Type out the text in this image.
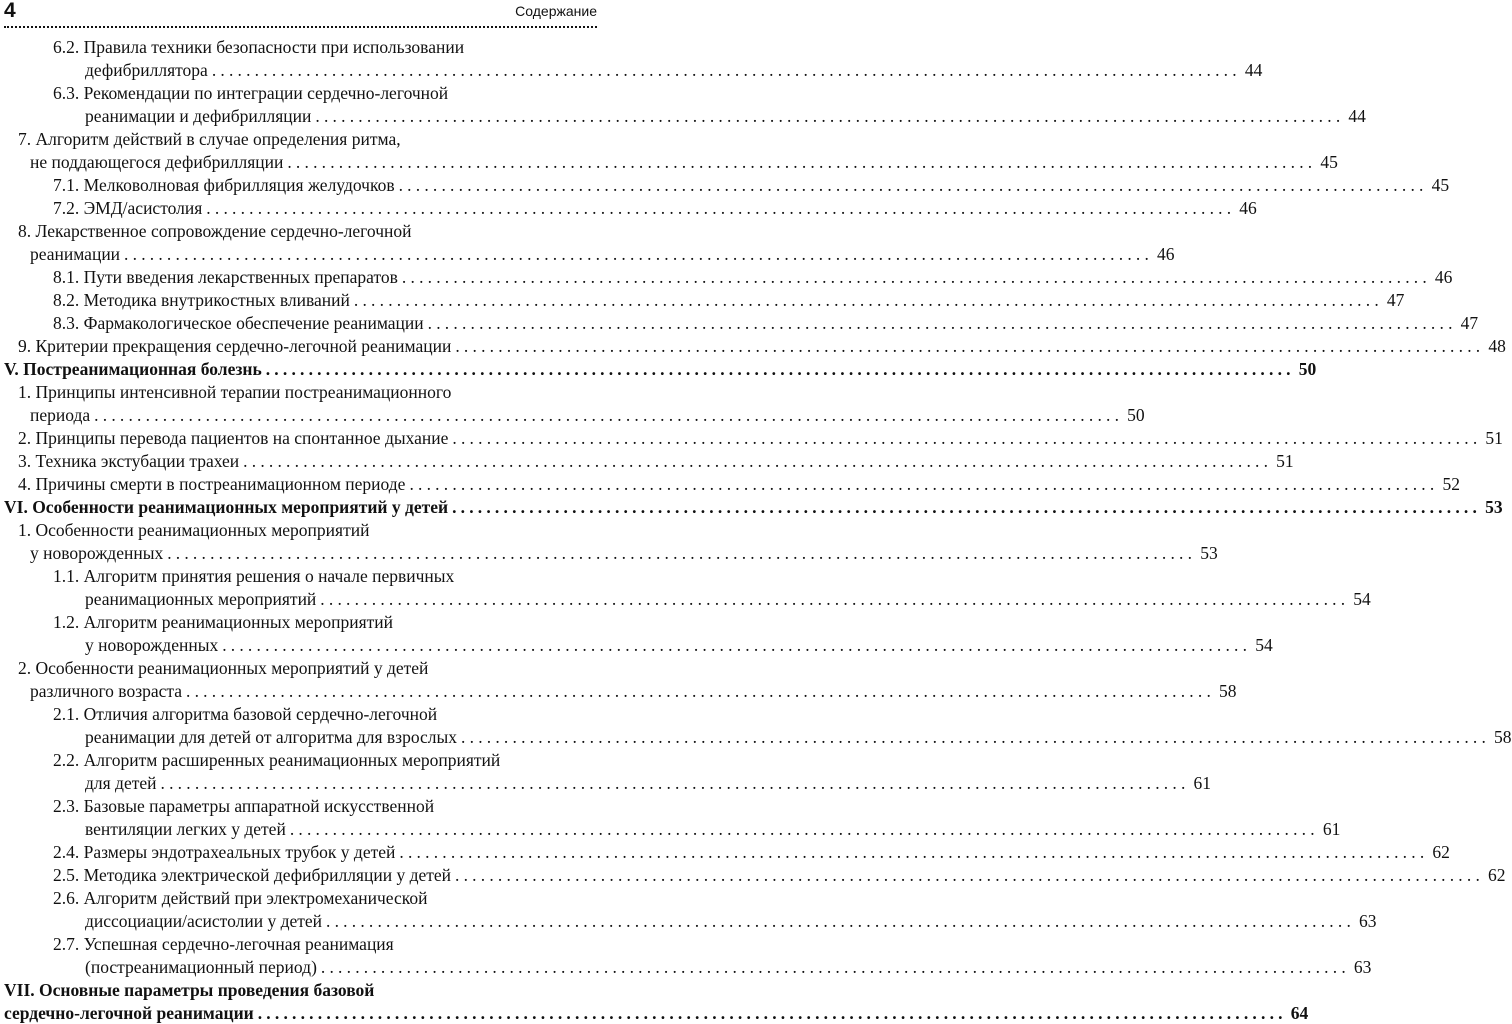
4	Содержание
6.2. Правила техники безопасности при использовании
дефибриллятора ........................................................................................................................ 44
6.3. Рекомендации по интеграции сердечно-легочной
реанимации и дефибрилляции ........................................................................................................................ 44
7. Алгоритм действий в случае определения ритма,
не поддающегося дефибрилляции ........................................................................................................................ 45
7.1. Мелковолновая фибрилляция желудочков ........................................................................................................................ 45
7.2. ЭМД/асистолия ........................................................................................................................ 46
8. Лекарственное сопровождение сердечно-легочной
реанимации ........................................................................................................................ 46
8.1. Пути введения лекарственных препаратов ........................................................................................................................ 46
8.2. Методика внутрикостных вливаний ........................................................................................................................ 47
8.3. Фармакологическое обеспечение реанимации ........................................................................................................................ 47
9. Критерии прекращения сердечно-легочной реанимации ........................................................................................................................ 48
V. Постреанимационная болезнь ........................................................................................................................ 50
1. Принципы интенсивной терапии постреанимационного
периода ........................................................................................................................ 50
2. Принципы перевода пациентов на спонтанное дыхание ........................................................................................................................ 51
3. Техника экстубации трахеи ........................................................................................................................ 51
4. Причины смерти в постреанимационном периоде ........................................................................................................................ 52
VI. Особенности реанимационных мероприятий у детей ........................................................................................................................ 53
1. Особенности реанимационных мероприятий
у новорожденных ........................................................................................................................ 53
1.1. Алгоритм принятия решения о начале первичных
реанимационных мероприятий ........................................................................................................................ 54
1.2. Алгоритм реанимационных мероприятий
у новорожденных ........................................................................................................................ 54
2. Особенности реанимационных мероприятий у детей
различного возраста ........................................................................................................................ 58
2.1. Отличия алгоритма базовой сердечно-легочной
реанимации для детей от алгоритма для взрослых ........................................................................................................................ 58
2.2. Алгоритм расширенных реанимационных мероприятий
для детей ........................................................................................................................ 61
2.3. Базовые параметры аппаратной искусственной
вентиляции легких у детей ........................................................................................................................ 61
2.4. Размеры эндотрахеальных трубок у детей ........................................................................................................................ 62
2.5. Методика электрической дефибрилляции у детей ........................................................................................................................ 62
2.6. Алгоритм действий при электромеханической
диссоциации/асистолии у детей ........................................................................................................................ 63
2.7. Успешная сердечно-легочная реанимация
(постреанимационный период) ........................................................................................................................ 63
VII. Основные параметры проведения базовой
сердечно-легочной реанимации ........................................................................................................................ 64
